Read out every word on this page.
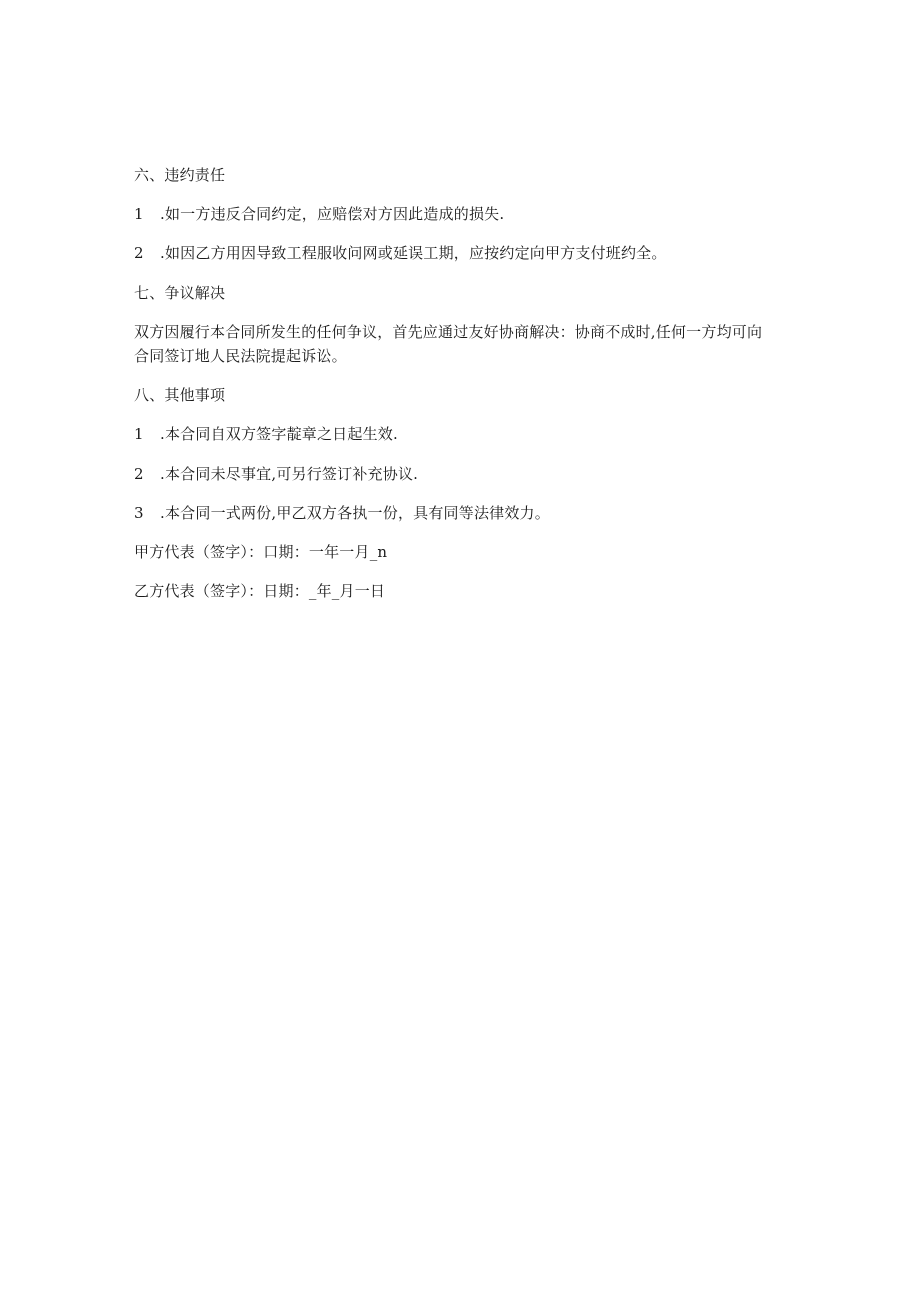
六、违约责任
1 .如一方违反合同约定，应赔偿对方因此造成的损失.
2 .如因乙方用因导致工程服收问网或延误工期，应按约定向甲方支付班约全。
七、争议解决
双方因履行本合同所发生的任何争议，首先应通过友好协商解决：协商不成时,任何一方均可向
合同签订地人民法院提起诉讼。
八、其他事项
1 .本合同自双方签字靛章之日起生效.
2 .本合同未尽事宜,可另行签订补充协议.
3 .本合同一式两份,甲乙双方各执一份，具有同等法律效力。
甲方代表（签字）：口期：一年一月_n
乙方代表（签字）：日期：_年_月一日
